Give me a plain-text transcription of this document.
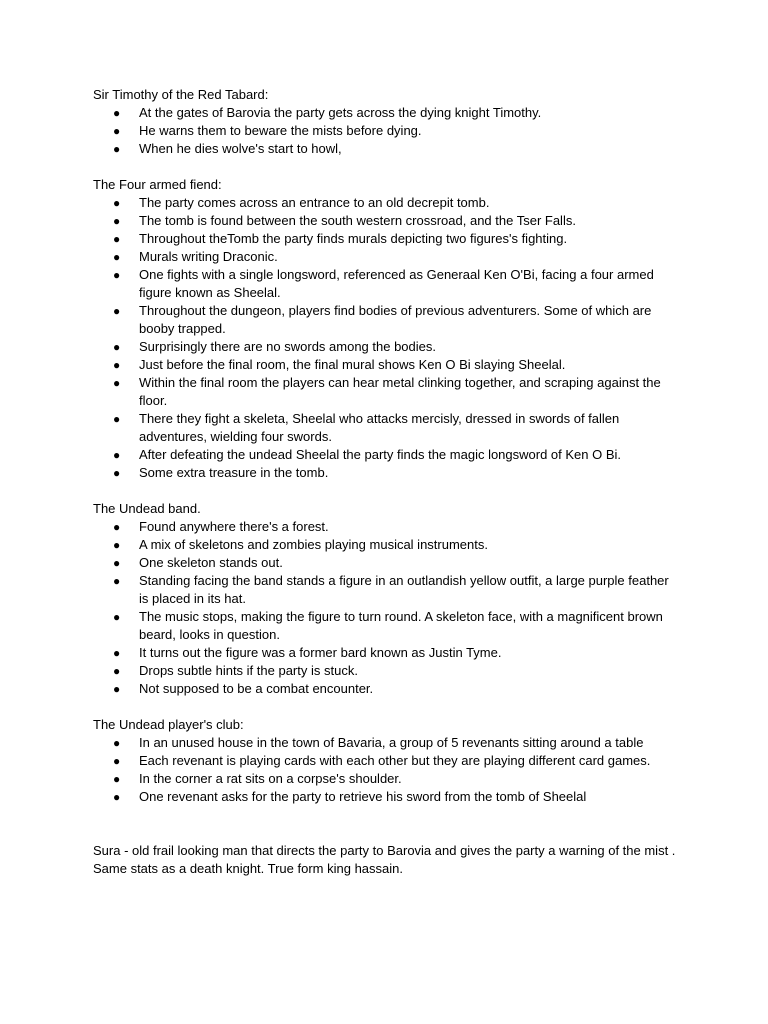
Sir Timothy of the Red Tabard:

● At the gates of Barovia the party gets across the dying knight Timothy.
● He warns them to beware the mists before dying.
● When he dies wolve's start to howl,

The Four armed fiend:

● The party comes across an entrance to an old decrepit tomb.
● The tomb is found between the south western crossroad, and the Tser Falls.
● Throughout theTomb the party finds murals depicting two figures's fighting.
● Murals writing Draconic.
● One fights with a single longsword, referenced as Generaal Ken O'Bi, facing a four armed figure known as Sheelal.
● Throughout the dungeon, players find bodies of previous adventurers. Some of which are booby trapped.
● Surprisingly there are no swords among the bodies.
● Just before the final room, the final mural shows Ken O Bi slaying Sheelal.
● Within the final room the players can hear metal clinking together, and scraping against the floor.
● There they fight a skeleta, Sheelal who attacks mercisly, dressed in swords of fallen adventures, wielding four swords.
● After defeating the undead Sheelal the party finds the magic longsword of Ken O Bi.
● Some extra treasure in the tomb.

The Undead band.

● Found anywhere there's a forest.
● A mix of skeletons and zombies playing musical instruments.
● One skeleton stands out.
● Standing facing the band stands a figure in an outlandish yellow outfit, a large purple feather is placed in its hat.
● The music stops, making the figure to turn round. A skeleton face, with a magnificent brown beard, looks in question.
● It turns out the figure was a former bard known as Justin Tyme.
● Drops subtle hints if the party is stuck.
● Not supposed to be a combat encounter.

The Undead player's club:

● In an unused house in the town of Bavaria, a group of 5 revenants sitting around a table
● Each revenant is playing cards with each other but they are playing different card games.
● In the corner a rat sits on a corpse's shoulder.
● One revenant asks for the party to retrieve his sword from the tomb of Sheelal

Sura - old frail looking man that directs the party to Barovia and gives the party a warning of the mist . Same stats as a death knight. True form king hassain.
